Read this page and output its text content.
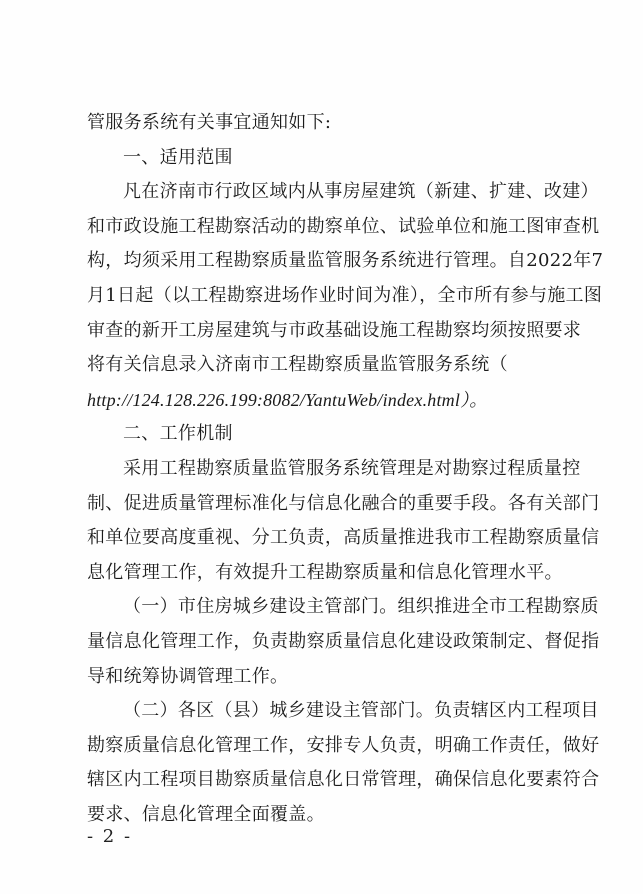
管服务系统有关事宜通知如下:
一、适用范围
凡在济南市行政区域内从事房屋建筑（新建、扩建、改建）
和市政设施工程勘察活动的勘察单位、试验单位和施工图审查机
构，均须采用工程勘察质量监管服务系统进行管理。自2022年7
月1日起（以工程勘察进场作业时间为准），全市所有参与施工图
审查的新开工房屋建筑与市政基础设施工程勘察均须按照要求
将有关信息录入济南市工程勘察质量监管服务系统（
http://124.128.226.199:8082/YantuWeb/index.html）。
二、工作机制
采用工程勘察质量监管服务系统管理是对勘察过程质量控
制、促进质量管理标准化与信息化融合的重要手段。各有关部门
和单位要高度重视、分工负责，高质量推进我市工程勘察质量信
息化管理工作，有效提升工程勘察质量和信息化管理水平。
（一）市住房城乡建设主管部门。组织推进全市工程勘察质
量信息化管理工作，负责勘察质量信息化建设政策制定、督促指
导和统筹协调管理工作。
（二）各区（县）城乡建设主管部门。负责辖区内工程项目
勘察质量信息化管理工作，安排专人负责，明确工作责任，做好
辖区内工程项目勘察质量信息化日常管理，确保信息化要素符合
要求、信息化管理全面覆盖。
- 2 -
